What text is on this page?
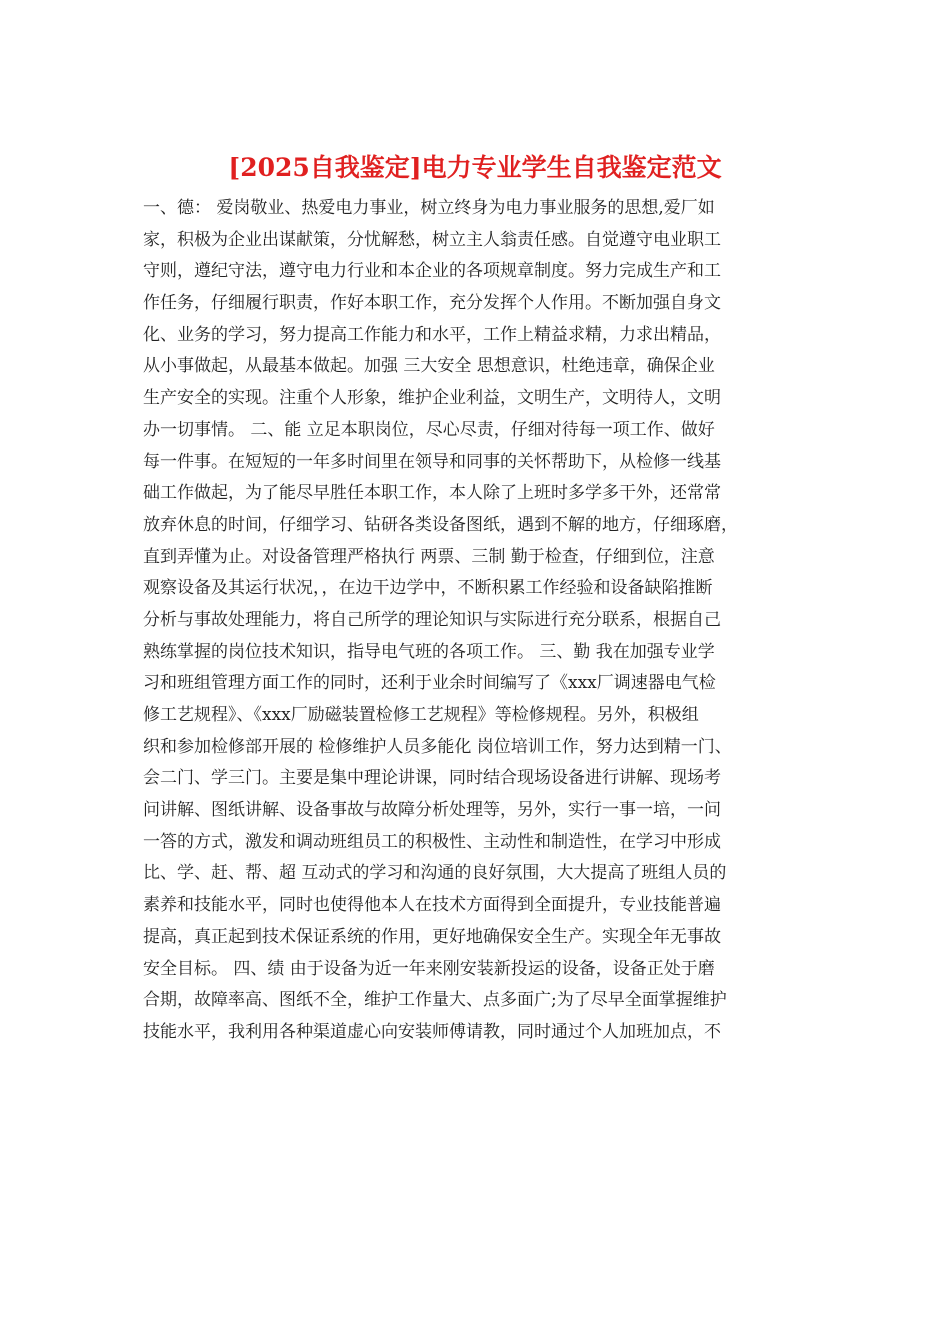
[2025自我鉴定]电力专业学生自我鉴定范文
一、德： 爱岗敬业、热爱电力事业，树立终身为电力事业服务的思想,爱厂如
家，积极为企业出谋献策，分忧解愁，树立主人翁责任感。自觉遵守电业职工
守则，遵纪守法，遵守电力行业和本企业的各项规章制度。努力完成生产和工
作任务，仔细履行职责，作好本职工作，充分发挥个人作用。不断加强自身文
化、业务的学习，努力提高工作能力和水平，工作上精益求精，力求出精品，
从小事做起，从最基本做起。加强 三大安全 思想意识，杜绝违章，确保企业
生产安全的实现。注重个人形象，维护企业利益，文明生产，文明待人，文明
办一切事情。 二、能 立足本职岗位，尽心尽责，仔细对待每一项工作、做好
每一件事。在短短的一年多时间里在领导和同事的关怀帮助下，从检修一线基
础工作做起，为了能尽早胜任本职工作，本人除了上班时多学多干外，还常常
放弃休息的时间，仔细学习、钻研各类设备图纸，遇到不解的地方，仔细琢磨，
直到弄懂为止。对设备管理严格执行 两票、三制 勤于检查，仔细到位，注意
观察设备及其运行状况，，在边干边学中，不断积累工作经验和设备缺陷推断
分析与事故处理能力，将自己所学的理论知识与实际进行充分联系，根据自己
熟练掌握的岗位技术知识，指导电气班的各项工作。 三、勤 我在加强专业学
习和班组管理方面工作的同时，还利于业余时间编写了《xxx厂调速器电气检
修工艺规程》、《xxx厂励磁装置检修工艺规程》等检修规程。另外，积极组
织和参加检修部开展的 检修维护人员多能化 岗位培训工作，努力达到精一门、
会二门、学三门。主要是集中理论讲课，同时结合现场设备进行讲解、现场考
问讲解、图纸讲解、设备事故与故障分析处理等，另外，实行一事一培，一问
一答的方式，激发和调动班组员工的积极性、主动性和制造性，在学习中形成
比、学、赶、帮、超 互动式的学习和沟通的良好氛围，大大提高了班组人员的
素养和技能水平，同时也使得他本人在技术方面得到全面提升，专业技能普遍
提高，真正起到技术保证系统的作用，更好地确保安全生产。实现全年无事故
安全目标。 四、绩 由于设备为近一年来刚安装新投运的设备，设备正处于磨
合期，故障率高、图纸不全，维护工作量大、点多面广;为了尽早全面掌握维护
技能水平，我利用各种渠道虚心向安装师傅请教，同时通过个人加班加点，不
